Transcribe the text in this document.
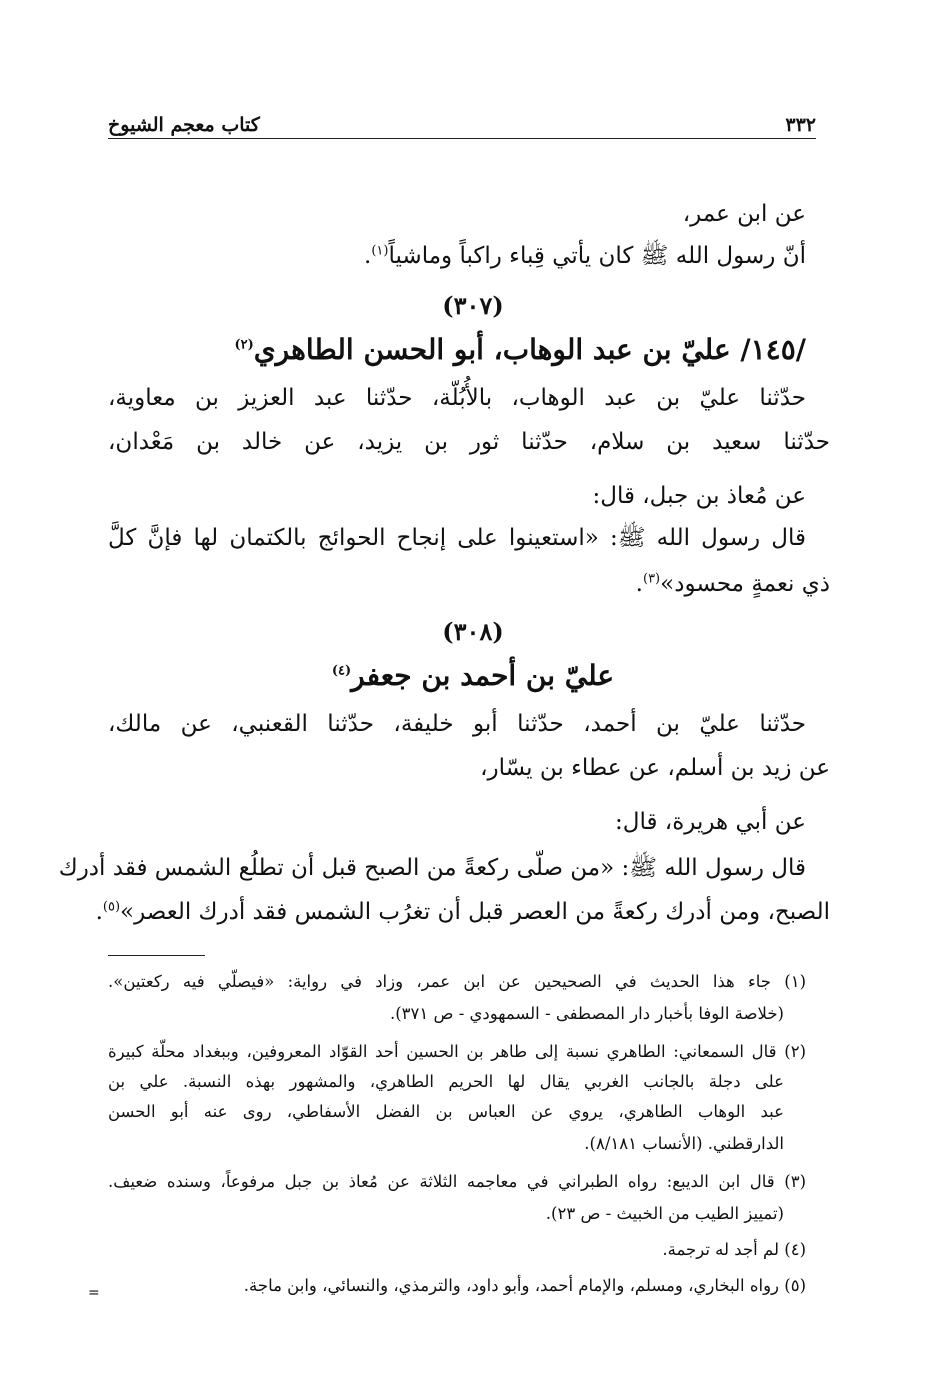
٣٣٢
كتاب معجم الشيوخ
عن ابن عمر،
أنّ رسول الله ﷺ كان يأتي قِباء راكباً وماشياً$^{(١)}$.
(٣٠٧)
/١٤٥/ عليّ بن عبد الوهاب، أبو الحسن الطاهري$^{(٢)}$
حدّثنا عليّ بن عبد الوهاب، بالأُبُلّة، حدّثنا عبد العزيز بن معاوية،
حدّثنا سعيد بن سلام، حدّثنا ثور بن يزيد، عن خالد بن مَعْدان،
عن مُعاذ بن جبل، قال:
قال رسول الله ﷺ: «استعينوا على إنجاح الحوائج بالكتمان لها فإنَّ كلَّ
ذي نعمةٍ محسود»$^{(٣)}$.
(٣٠٨)
عليّ بن أحمد بن جعفر$^{(٤)}$
حدّثنا عليّ بن أحمد، حدّثنا أبو خليفة، حدّثنا القعنبي، عن مالك،
عن زيد بن أسلم، عن عطاء بن يسّار،
عن أبي هريرة، قال:
قال رسول الله ﷺ: «من صلّى ركعةً من الصبح قبل أن تطلُع الشمس فقد أدرك
الصبح، ومن أدرك ركعةً من العصر قبل أن تغرُب الشمس فقد أدرك العصر»$^{(٥)}$.
(١) جاء هذا الحديث في الصحيحين عن ابن عمر، وزاد في رواية: «فيصلّي فيه ركعتين».
(خلاصة الوفا بأخبار دار المصطفى - السمهودي - ص ٣٧١).
(٢) قال السمعاني: الطاهري نسبة إلى طاهر بن الحسين أحد القوّاد المعروفين، وببغداد محلّة كبيرة
على دجلة بالجانب الغربي يقال لها الحريم الطاهري، والمشهور بهذه النسبة. علي بن
عبد الوهاب الطاهري، يروي عن العباس بن الفضل الأسفاطي، روى عنه أبو الحسن
الدارقطني. (الأنساب ٨/١٨١).
(٣) قال ابن الديبع: رواه الطبراني في معاجمه الثلاثة عن مُعاذ بن جبل مرفوعاً، وسنده ضعيف.
(تمييز الطيب من الخبيث - ص ٢٣).
(٤) لم أجد له ترجمة.
(٥) رواه البخاري، ومسلم، والإمام أحمد، وأبو داود، والترمذي، والنسائي، وابن ماجة.
=
